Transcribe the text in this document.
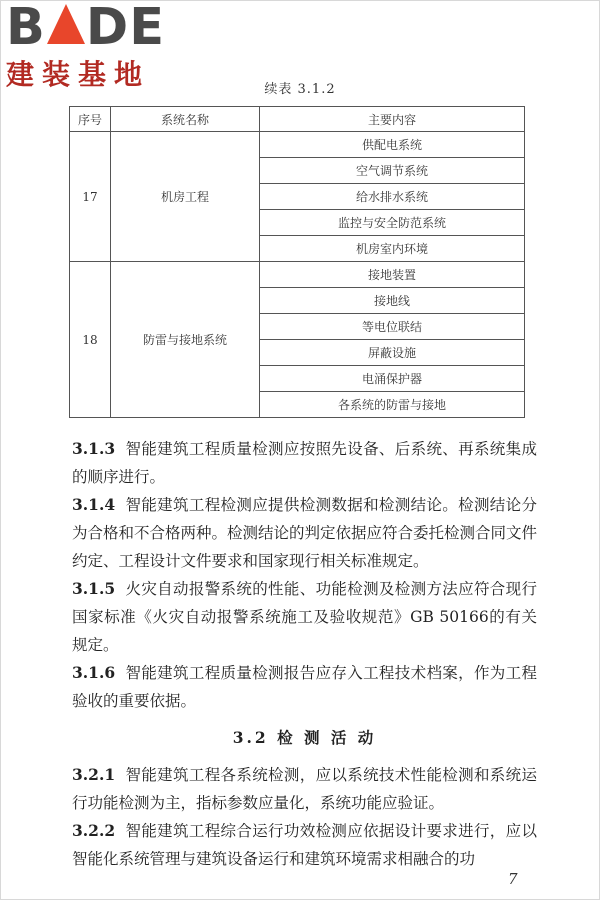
B DE
建装基地	续表 3.1.2
序号	系统名称	主要内容
17	机房工程	供配电系统
		空气调节系统
		给水排水系统
		监控与安全防范系统
		机房室内环境
18	防雷与接地系统	接地装置
		接地线
		等电位联结
		屏蔽设施
		电涌保护器
		各系统的防雷与接地

3.1.3 智能建筑工程质量检测应按照先设备、后系统、再系统集成的顺序进行。

3.1.4 智能建筑工程检测应提供检测数据和检测结论。检测结论分为合格和不合格两种。检测结论的判定依据应符合委托检测合同文件约定、工程设计文件要求和国家现行相关标准规定。

3.1.5 火灾自动报警系统的性能、功能检测及检测方法应符合现行国家标准《火灾自动报警系统施工及验收规范》GB 50166的有关规定。

3.1.6 智能建筑工程质量检测报告应存入工程技术档案，作为工程验收的重要依据。

3.2 检 测 活 动

3.2.1 智能建筑工程各系统检测，应以系统技术性能检测和系统运行功能检测为主，指标参数应量化，系统功能应验证。

3.2.2 智能建筑工程综合运行功效检测应依据设计要求进行，应以智能化系统管理与建筑设备运行和建筑环境需求相融合的功

7
